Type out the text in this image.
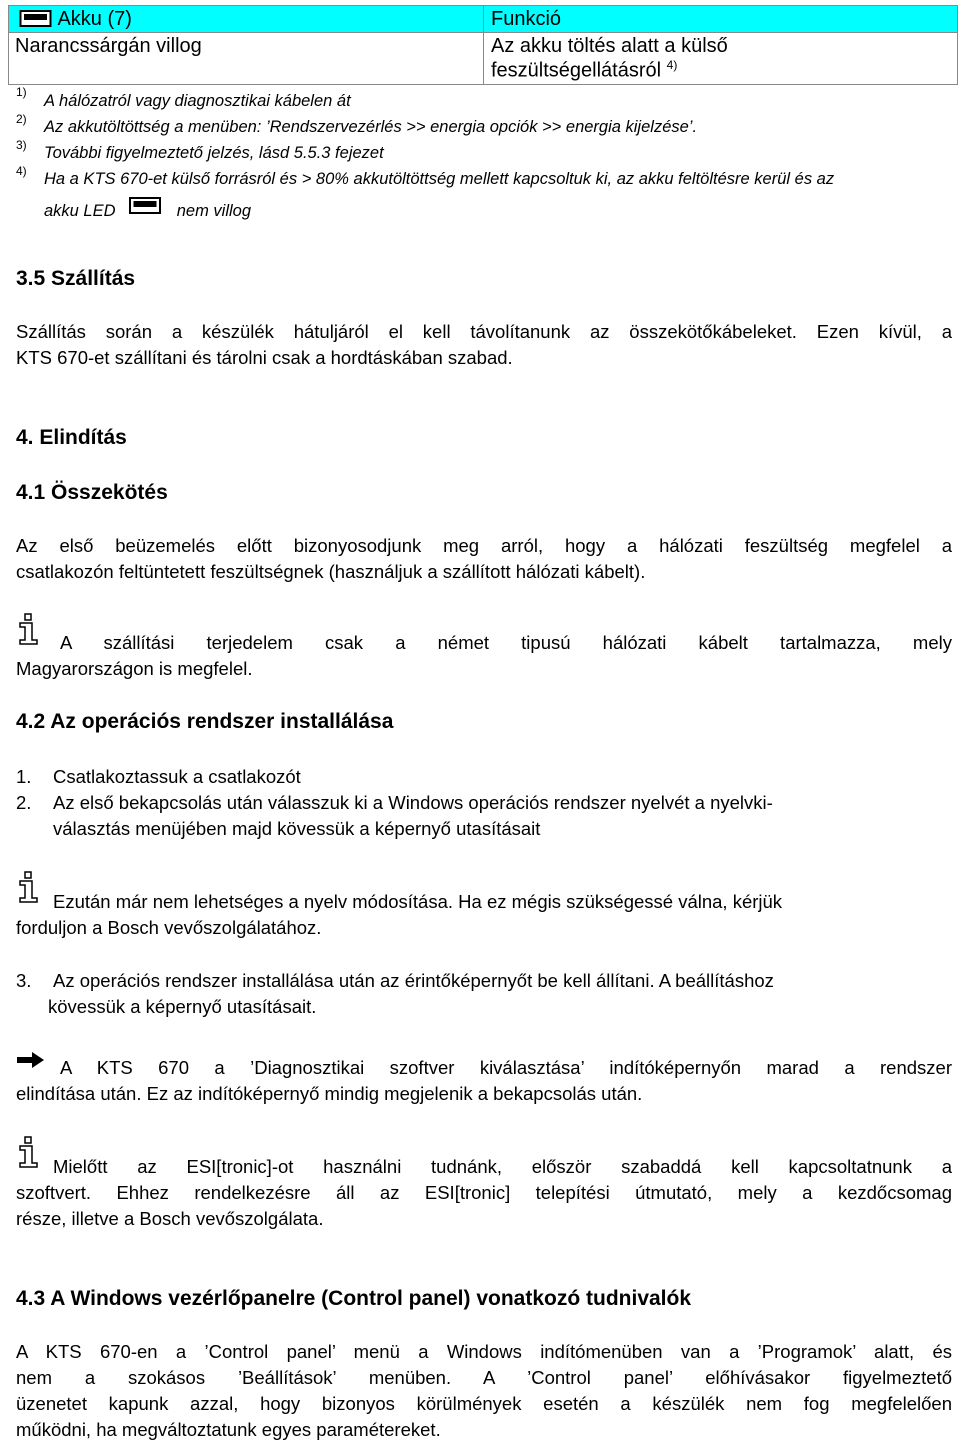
Akku (7)	Funkció
Narancssárgán villog	Az akku töltés alatt a külső
feszültségellátásról $^{4)}$
1) A hálózatról vagy diagnosztikai kábelen át
2) Az akkutöltöttség a menüben: ’Rendszervezérlés >> energia opciók >> energia kijelzése’.
3) További figyelmeztető jelzés, lásd 5.5.3 fejezet
4) Ha a KTS 670-et külső forrásról és > 80% akkutöltöttség mellett kapcsoltuk ki, az akku feltöltésre kerül és az
akku LED	nem villog
3.5 Szállítás
Szállítás során a készülék hátuljáról el kell távolítanunk az összekötőkábeleket. Ezen kívül, a
KTS 670-et szállítani és tárolni csak a hordtáskában szabad.
4. Elindítás
4.1 Összekötés
Az első beüzemelés előtt bizonyosodjunk meg arról, hogy a hálózati feszültség megfelel a
csatlakozón feltüntetett feszültségnek (használjuk a szállított hálózati kábelt).
A szállítási terjedelem csak a német tipusú hálózati kábelt tartalmazza, mely
Magyarországon is megfelel.
4.2 Az operációs rendszer installálása
1. Csatlakoztassuk a csatlakozót
2. Az első bekapcsolás után válasszuk ki a Windows operációs rendszer nyelvét a nyelvki-
választás menüjében majd kövessük a képernyő utasításait
Ezután már nem lehetséges a nyelv módosítása. Ha ez mégis szükségessé válna, kérjük
forduljon a Bosch vevőszolgálatához.
3. Az operációs rendszer installálása után az érintőképernyőt be kell állítani. A beállításhoz
kövessük a képernyő utasításait.
A KTS 670 a ’Diagnosztikai szoftver kiválasztása’ indítóképernyőn marad a rendszer
elindítása után. Ez az indítóképernyő mindig megjelenik a bekapcsolás után.
Mielőtt az ESI[tronic]-ot használni tudnánk, először szabaddá kell kapcsoltatnunk a
szoftvert. Ehhez rendelkezésre áll az ESI[tronic] telepítési útmutató, mely a kezdőcsomag
része, illetve a Bosch vevőszolgálata.
4.3 A Windows vezérlőpanelre (Control panel) vonatkozó tudnivalók
A KTS 670-en a ’Control panel’ menü a Windows indítómenüben van a ’Programok’ alatt, és
nem a szokásos ’Beállítások’ menüben. A ’Control panel’ előhívásakor figyelmeztető
üzenetet kapunk azzal, hogy bizonyos körülmények esetén a készülék nem fog megfelelően
működni, ha megváltoztatunk egyes paramétereket.
